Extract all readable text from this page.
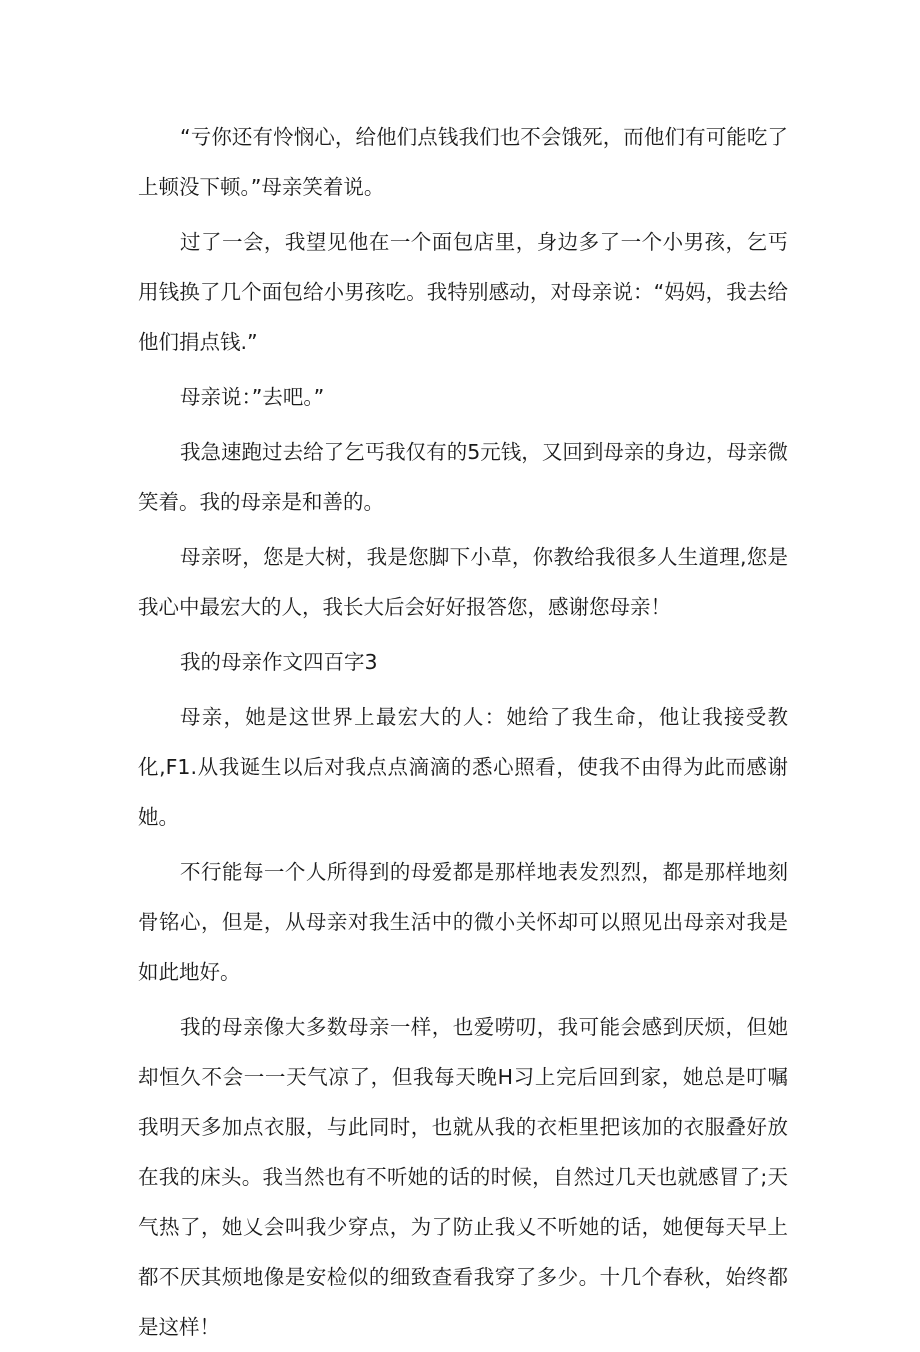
“亏你还有怜悯心，给他们点钱我们也不会饿死，而他们有可能吃了上顿没下顿。”母亲笑着说。

过了一会，我望见他在一个面包店里，身边多了一个小男孩，乞丐用钱换了几个面包给小男孩吃。我特别感动，对母亲说：“妈妈，我去给他们捐点钱.”

母亲说：”去吧。”

我急速跑过去给了乞丐我仅有的5元钱，又回到母亲的身边，母亲微笑着。我的母亲是和善的。

母亲呀，您是大树，我是您脚下小草，你教给我很多人生道理,您是我心中最宏大的人，我长大后会好好报答您，感谢您母亲！

我的母亲作文四百字3

母亲，她是这世界上最宏大的人：她给了我生命，他让我接受教化,F1.从我诞生以后对我点点滴滴的悉心照看，使我不由得为此而感谢她。

不行能每一个人所得到的母爱都是那样地表发烈烈，都是那样地刻骨铭心，但是，从母亲对我生活中的微小关怀却可以照见出母亲对我是如此地好。

我的母亲像大多数母亲一样，也爱唠叨，我可能会感到厌烦，但她却恒久不会一一天气凉了，但我每天晚H习上完后回到家，她总是叮嘱我明天多加点衣服，与此同时，也就从我的衣柜里把该加的衣服叠好放在我的床头。我当然也有不听她的话的时候，自然过几天也就感冒了;天气热了，她乂会叫我少穿点，为了防止我乂不听她的话，她便每天早上都不厌其烦地像是安检似的细致查看我穿了多少。十几个春秋，始终都是这样！
